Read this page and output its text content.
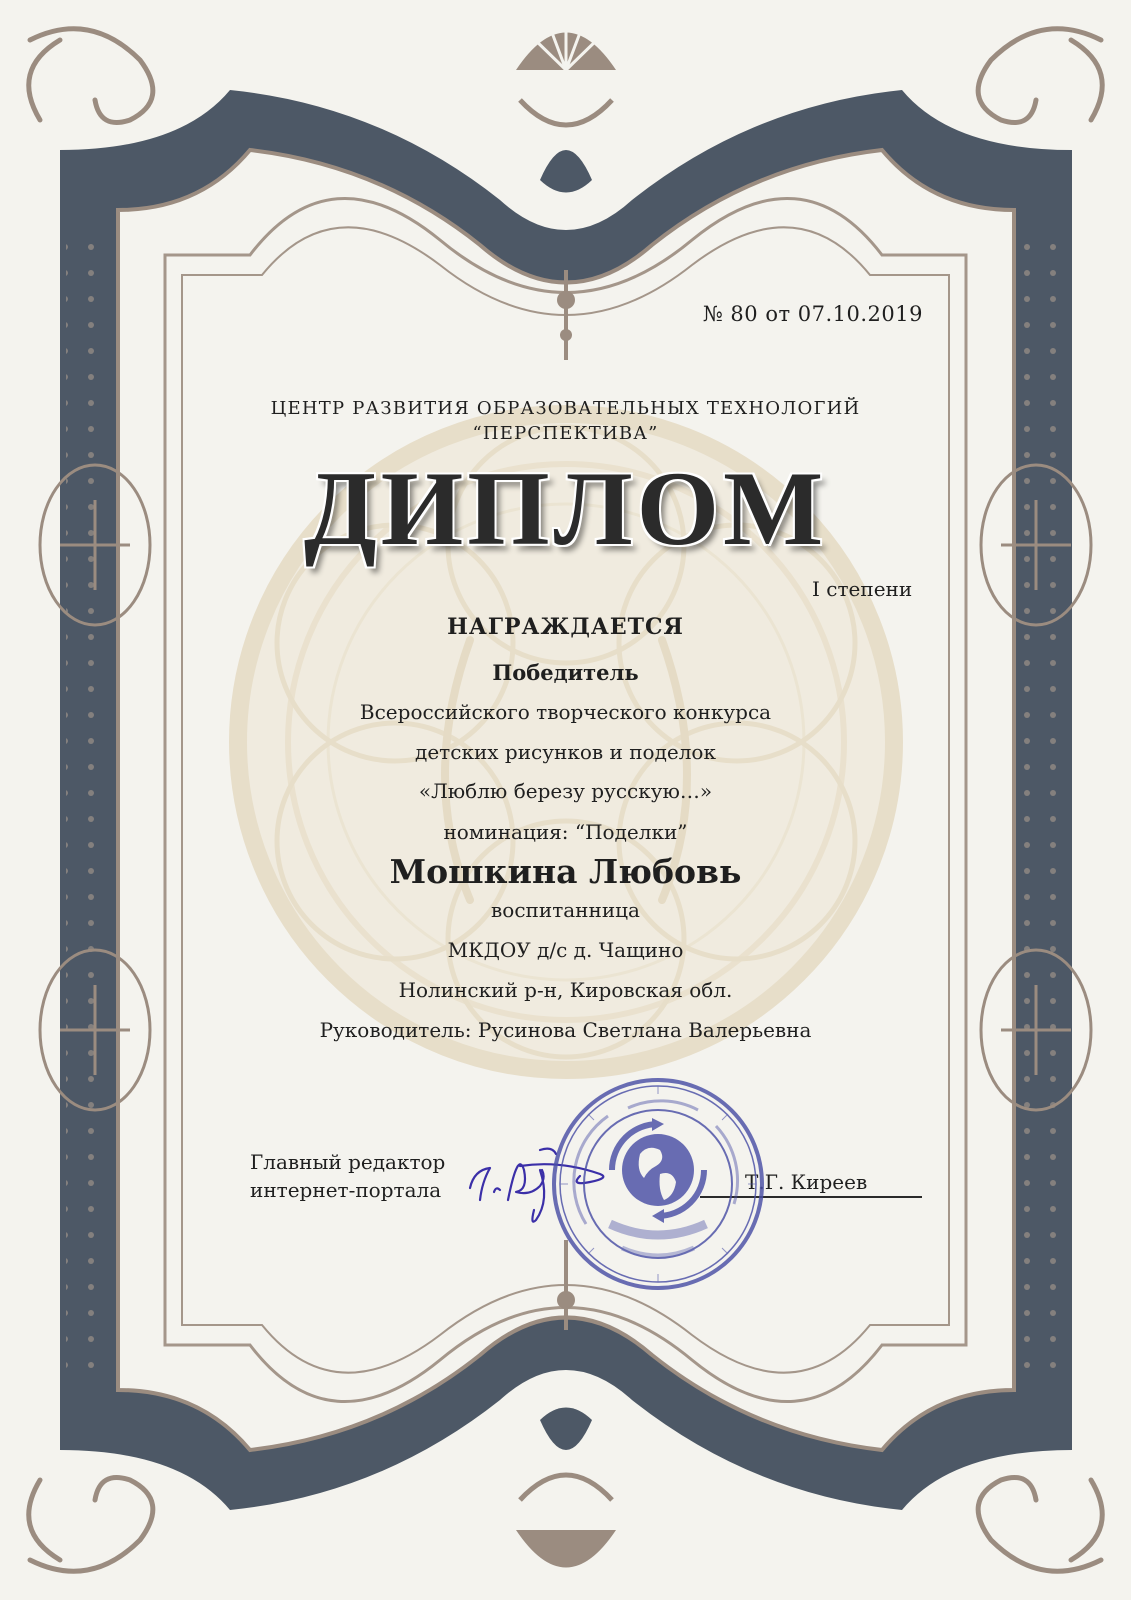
№ 80 от 07.10.2019
ЦЕНТР РАЗВИТИЯ ОБРАЗОВАТЕЛЬНЫХ ТЕХНОЛОГИЙ
“ПЕРСПЕКТИВА”
ДИПЛОМ
I степени
НАГРАЖДАЕТСЯ
Победитель
Всероссийского творческого конкурса
детских рисунков и поделок
«Люблю березу русскую…»
номинация: “Поделки”
Мошкина Любовь
воспитанница
МКДОУ д/с д. Чащино
Нолинский р-н, Кировская обл.
Руководитель: Русинова Светлана Валерьевна
Главный редактор
интернет-портала	Т.Г. Киреев
